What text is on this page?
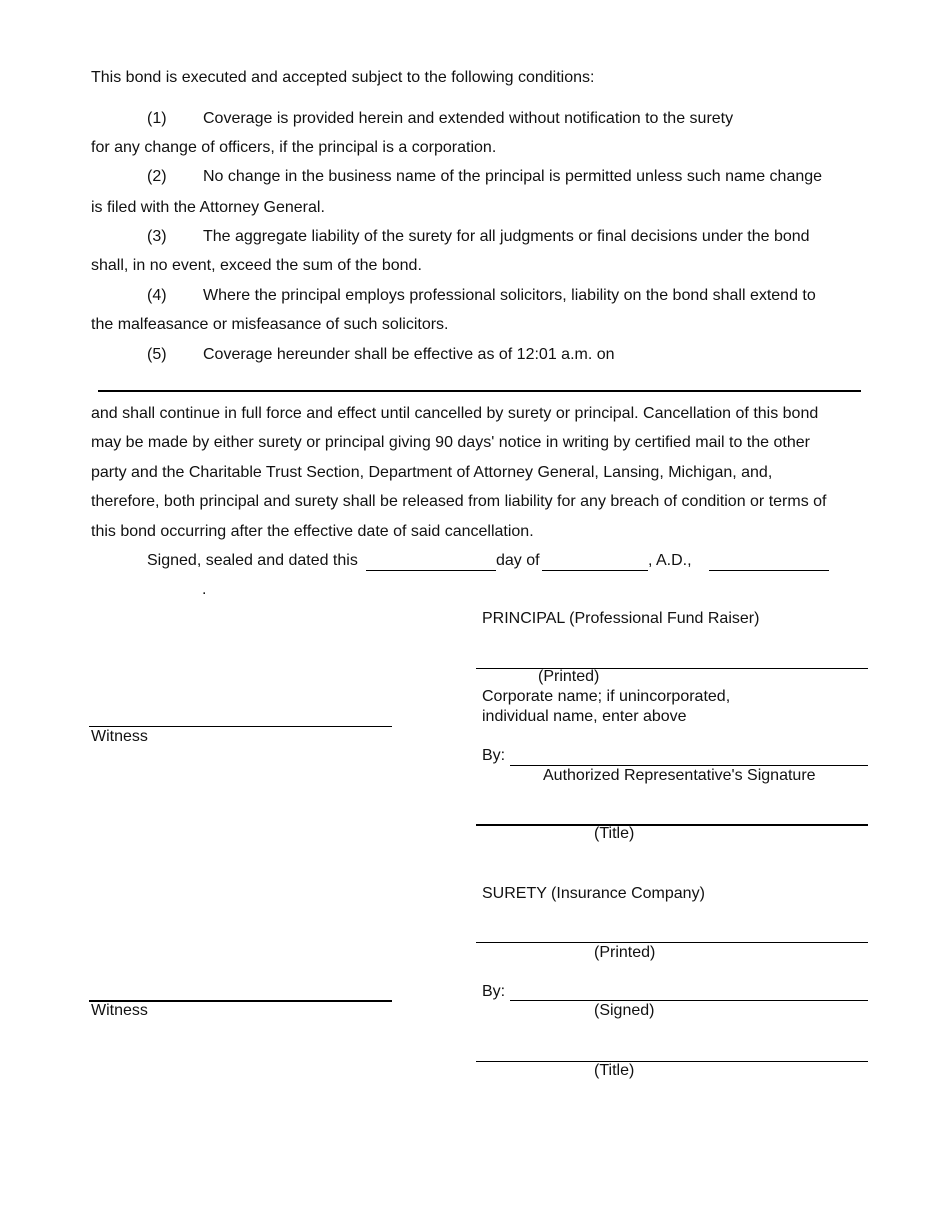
This bond is executed and accepted subject to the following conditions:
(1) Coverage is provided herein and extended without notification to the surety
for any change of officers, if the principal is a corporation.
(2) No change in the business name of the principal is permitted unless such name change
is filed with the Attorney General.
(3) The aggregate liability of the surety for all judgments or final decisions under the bond
shall, in no event, exceed the sum of the bond.
(4) Where the principal employs professional solicitors, liability on the bond shall extend to
the malfeasance or misfeasance of such solicitors.
(5) Coverage hereunder shall be effective as of 12:01 a.m. on
and shall continue in full force and effect until cancelled by surety or principal. Cancellation of this bond
may be made by either surety or principal giving 90 days' notice in writing by certified mail to the other
party and the Charitable Trust Section, Department of Attorney General, Lansing, Michigan, and,
therefore, both principal and surety shall be released from liability for any breach of condition or terms of
this bond occurring after the effective date of said cancellation.
Signed, sealed and dated this	day of	, A.D.,
.
PRINCIPAL (Professional Fund Raiser)
(Printed)
Corporate name; if unincorporated,
individual name, enter above
Witness
By:
Authorized Representative's Signature
(Title)
SURETY (Insurance Company)
(Printed)
By:
(Signed)
Witness
(Title)
